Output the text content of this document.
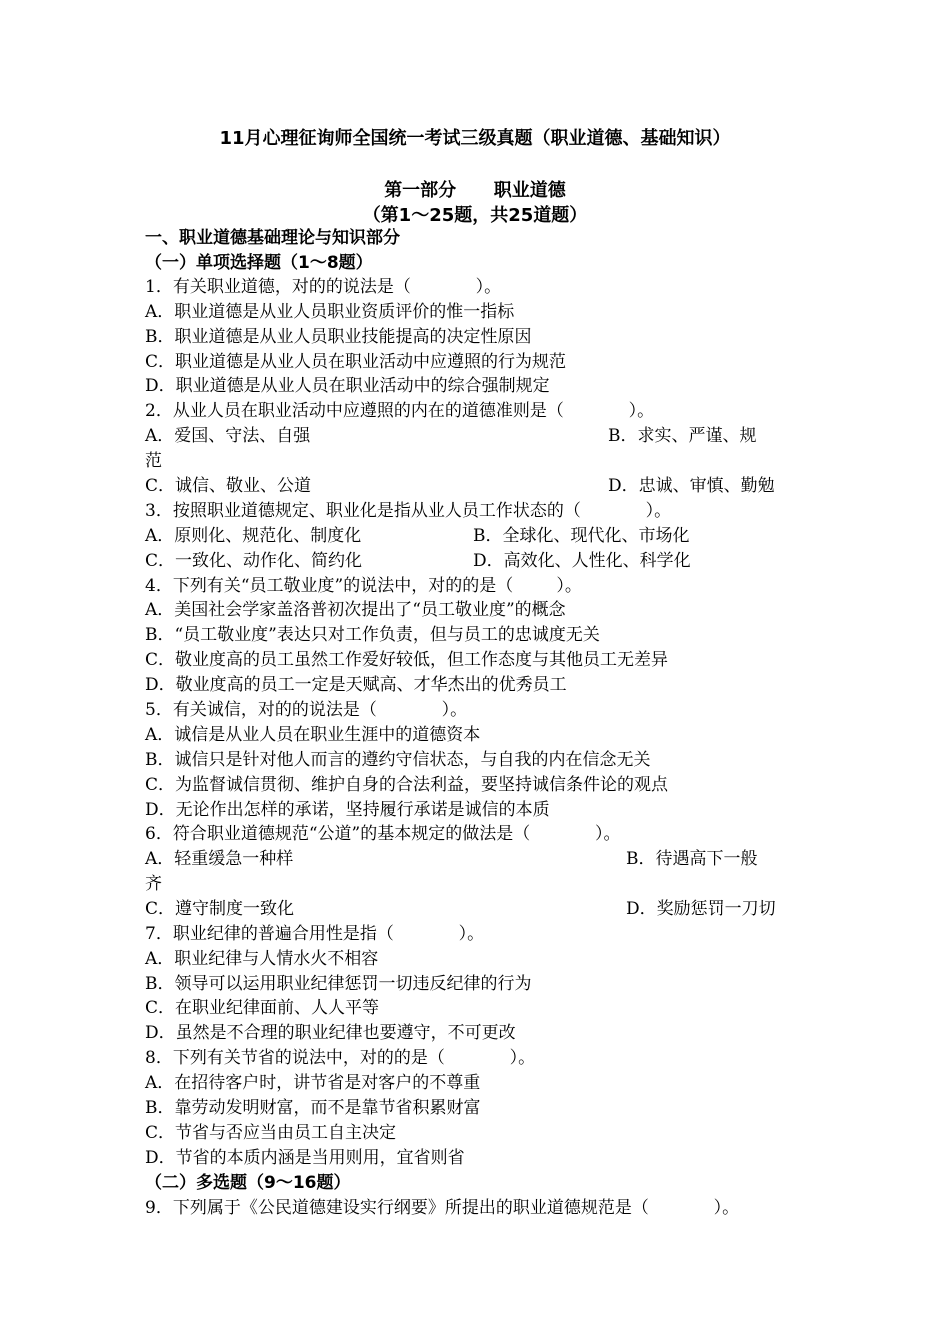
11月心理征询师全国统一考试三级真题（职业道德、基础知识）
第一部分      职业道德
（第1～25题，共25道题）
一、职业道德基础理论与知识部分
（一）单项选择题（1～8题）
1．有关职业道德，对的的说法是（            ）。
A．职业道德是从业人员职业资质评价的惟一指标
B．职业道德是从业人员职业技能提高的决定性原因
C．职业道德是从业人员在职业活动中应遵照的行为规范
D．职业道德是从业人员在职业活动中的综合强制规定
2．从业人员在职业活动中应遵照的内在的道德准则是（            ）。
A．爱国、守法、自强	B．求实、严谨、规
范
C．诚信、敬业、公道	D．忠诚、审慎、勤勉
3．按照职业道德规定、职业化是指从业人员工作状态的（            ）。
A．原则化、规范化、制度化	B．全球化、现代化、市场化
C．一致化、动作化、简约化	D．高效化、人性化、科学化
4．下列有关“员工敬业度”的说法中，对的的是（        ）。
A．美国社会学家盖洛普初次提出了“员工敬业度”的概念
B．“员工敬业度”表达只对工作负责，但与员工的忠诚度无关
C．敬业度高的员工虽然工作爱好较低，但工作态度与其他员工无差异
D．敬业度高的员工一定是天赋高、才华杰出的优秀员工
5．有关诚信，对的的说法是（            ）。
A．诚信是从业人员在职业生涯中的道德资本
B．诚信只是针对他人而言的遵约守信状态，与自我的内在信念无关
C．为监督诚信贯彻、维护自身的合法利益，要坚持诚信条件论的观点
D．无论作出怎样的承诺，坚持履行承诺是诚信的本质
6．符合职业道德规范“公道”的基本规定的做法是（            ）。
A．轻重缓急一种样	B．待遇高下一般
齐
C．遵守制度一致化	D．奖励惩罚一刀切
7．职业纪律的普遍合用性是指（            ）。
A．职业纪律与人情水火不相容
B．领导可以运用职业纪律惩罚一切违反纪律的行为
C．在职业纪律面前、人人平等
D．虽然是不合理的职业纪律也要遵守，不可更改
8．下列有关节省的说法中，对的的是（            ）。
A．在招待客户时，讲节省是对客户的不尊重
B．靠劳动发明财富，而不是靠节省积累财富
C．节省与否应当由员工自主决定
D．节省的本质内涵是当用则用，宜省则省
（二）多选题（9～16题）
9．下列属于《公民道德建设实行纲要》所提出的职业道德规范是（            ）。
